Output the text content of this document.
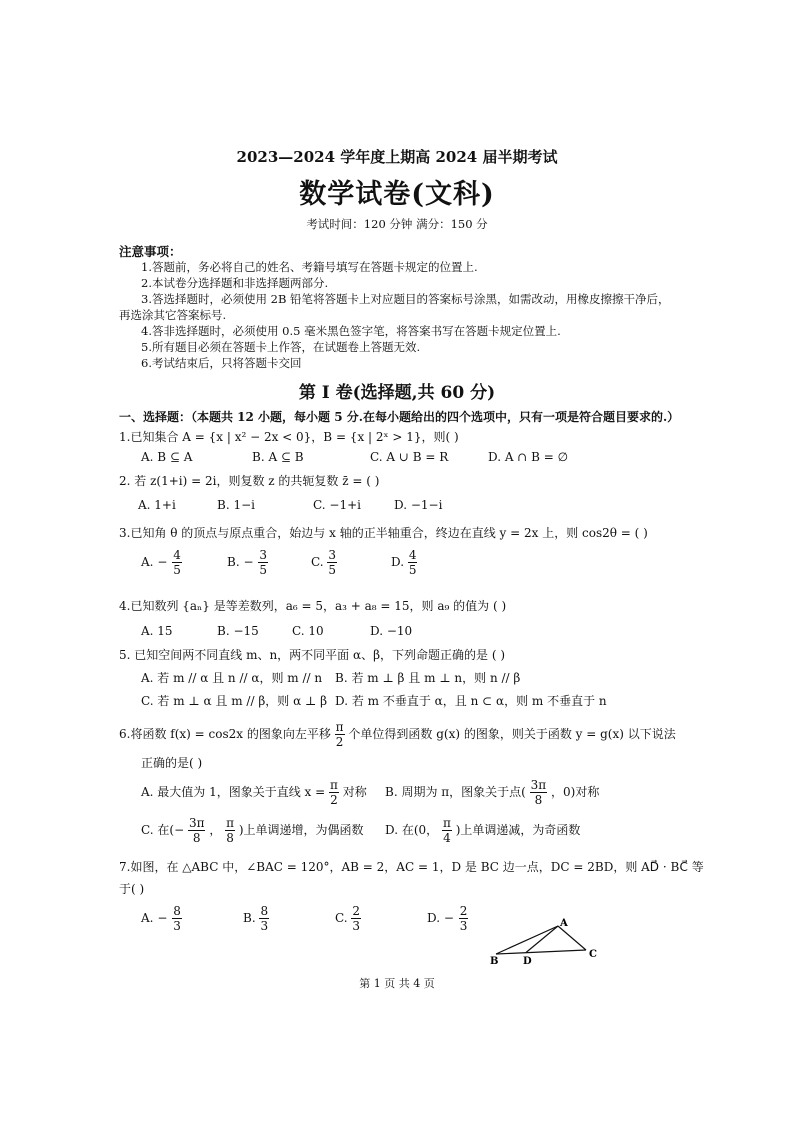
2023—2024 学年度上期高 2024 届半期考试
数学试卷(文科)
考试时间：120 分钟 满分：150 分
注意事项：
1.答题前，务必将自己的姓名、考籍号填写在答题卡规定的位置上.
2.本试卷分选择题和非选择题两部分.
3.答选择题时，必须使用 2B 铅笔将答题卡上对应题目的答案标号涂黑，如需改动，用橡皮擦擦干净后，
再选涂其它答案标号.
4.答非选择题时，必须使用 0.5 毫米黑色签字笔，将答案书写在答题卡规定位置上.
5.所有题目必须在答题卡上作答，在试题卷上答题无效.
6.考试结束后，只将答题卡交回
第 I 卷(选择题,共 60 分)
一、选择题：（本题共 12 小题，每小题 5 分.在每小题给出的四个选项中，只有一项是符合题目要求的.）
1.已知集合 A = {x | x² − 2x < 0}，B = {x | 2ˣ > 1}，则( )
A. B ⊆ A	B. A ⊆ B	C. A ∪ B = R	D. A ∩ B = ∅
2. 若 z(1+i) = 2i，则复数 z 的共轭复数 z̄ = ( )
A. 1+i	B. 1−i	C. −1+i	D. −1−i
3.已知角 θ 的顶点与原点重合，始边与 x 轴的正半轴重合，终边在直线 y = 2x 上，则 cos2θ = ( )
A. − $\frac{4}{5}$	B. − $\frac{3}{5}$	C. $\frac{3}{5}$	D. $\frac{4}{5}$
4.已知数列 {aₙ} 是等差数列，a₆ = 5，a₃ + a₈ = 15，则 a₉ 的值为 ( )
A. 15	B. −15	C. 10	D. −10
5. 已知空间两不同直线 m、n，两不同平面 α、β，下列命题正确的是 ( )
A. 若 m // α 且 n // α，则 m // n B. 若 m ⊥ β 且 m ⊥ n，则 n // β
C. 若 m ⊥ α 且 m // β，则 α ⊥ β D. 若 m 不垂直于 α，且 n ⊂ α，则 m 不垂直于 n
6.将函数 f(x) = cos2x 的图象向左平移 $\frac{\pi}{2}$ 个单位得到函数 g(x) 的图象，则关于函数 y = g(x) 以下说法
正确的是( )
A. 最大值为 1，图象关于直线 $x = \frac{\pi}{2}$ 对称 B. 周期为 π，图象关于点( $\frac{3\pi}{8}$ ，0)对称
C. 在(− $\frac{3\pi}{8}$ ， $\frac{\pi}{8}$ )上单调递增，为偶函数 D. 在(0， $\frac{\pi}{4}$ )上单调递减，为奇函数
7.如图，在 △ABC 中，∠BAC = 120°，AB = 2，AC = 1，D 是 BC 边一点，DC = 2BD，则 AD⃗ · BC⃗ 等
于( )
A. − $\frac{8}{3}$	B. $\frac{8}{3}$	C. $\frac{2}{3}$	D. − $\frac{2}{3}$	A
B
C
D
第 1 页 共 4 页
